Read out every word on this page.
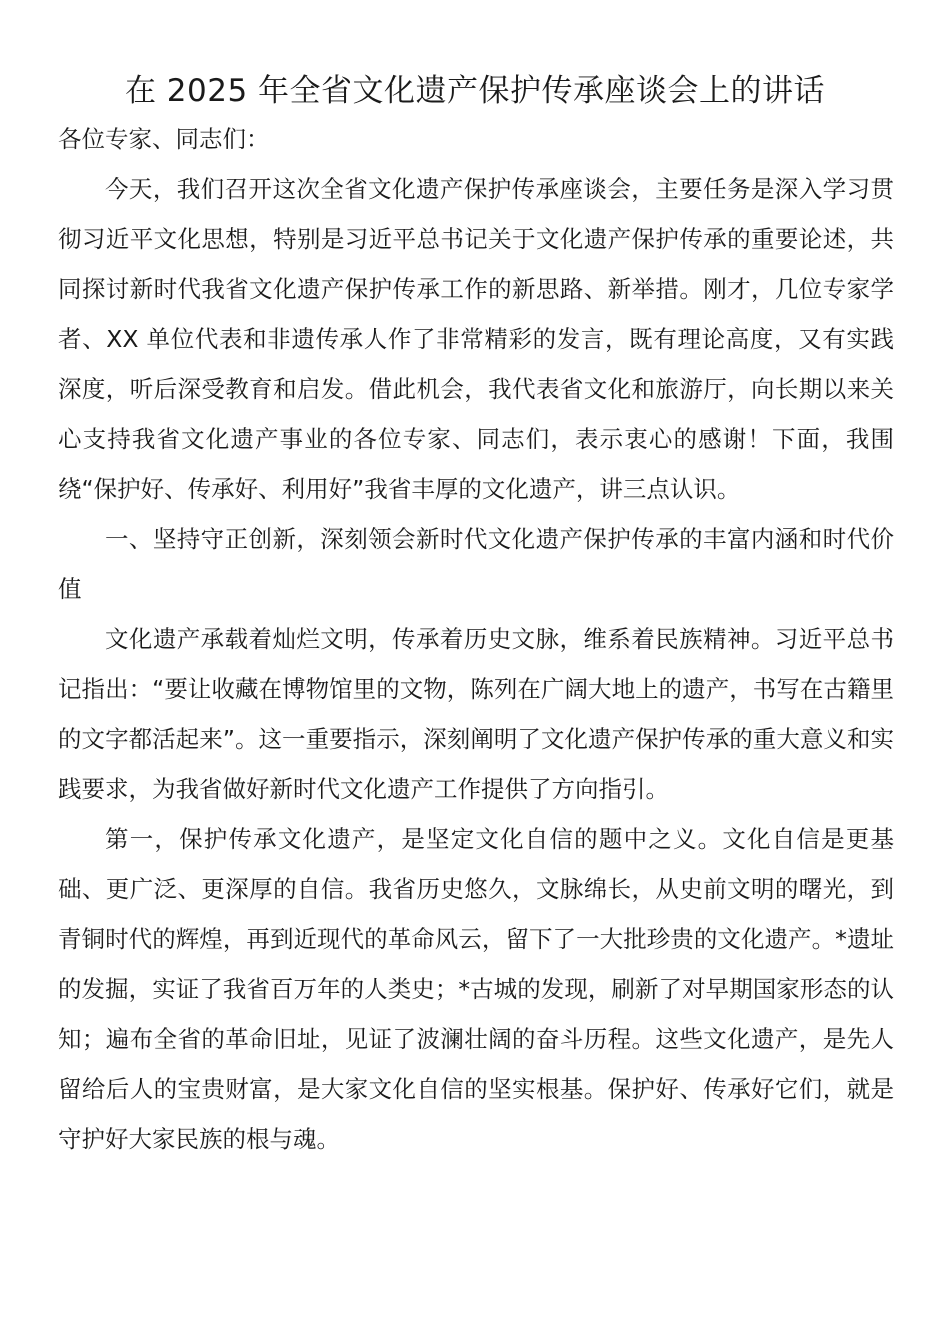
在 2025 年全省文化遗产保护传承座谈会上的讲话

各位专家、同志们：

今天，我们召开这次全省文化遗产保护传承座谈会，主要任务是深入学习贯彻习近平文化思想，特别是习近平总书记关于文化遗产保护传承的重要论述，共同探讨新时代我省文化遗产保护传承工作的新思路、新举措。刚才，几位专家学者、XX 单位代表和非遗传承人作了非常精彩的发言，既有理论高度，又有实践深度，听后深受教育和启发。借此机会，我代表省文化和旅游厅，向长期以来关心支持我省文化遗产事业的各位专家、同志们，表示衷心的感谢！下面，我围绕“保护好、传承好、利用好”我省丰厚的文化遗产，讲三点认识。

一、坚持守正创新，深刻领会新时代文化遗产保护传承的丰富内涵和时代价值

文化遗产承载着灿烂文明，传承着历史文脉，维系着民族精神。习近平总书记指出：“要让收藏在博物馆里的文物，陈列在广阔大地上的遗产，书写在古籍里的文字都活起来”。这一重要指示，深刻阐明了文化遗产保护传承的重大意义和实践要求，为我省做好新时代文化遗产工作提供了方向指引。

第一，保护传承文化遗产，是坚定文化自信的题中之义。文化自信是更基础、更广泛、更深厚的自信。我省历史悠久，文脉绵长，从史前文明的曙光，到青铜时代的辉煌，再到近现代的革命风云，留下了一大批珍贵的文化遗产。*遗址的发掘，实证了我省百万年的人类史；*古城的发现，刷新了对早期国家形态的认知；遍布全省的革命旧址，见证了波澜壮阔的奋斗历程。这些文化遗产，是先人留给后人的宝贵财富，是大家文化自信的坚实根基。保护好、传承好它们，就是守护好大家民族的根与魂。
